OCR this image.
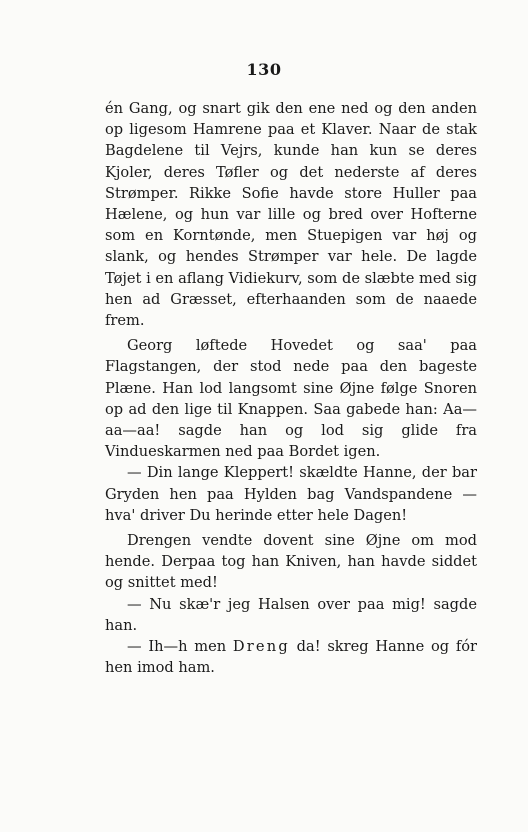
130

én Gang, og snart gik den ene ned og den anden op ligesom Hamrene paa et Klaver. Naar de stak Bagdelene til Vejrs, kunde han kun se deres Kjoler, deres Tøfler og det nederste af deres Strømper. Rikke Sofie havde store Huller paa Hælene, og hun var lille og bred over Hofterne som en Korntønde, men Stuepigen var høj og slank, og hendes Strømper var hele. De lagde Tøjet i en aflang Vidiekurv, som de slæbte med sig hen ad Græsset, efterhaanden som de naaede frem.

Georg løftede Hovedet og saa' paa Flagstangen, der stod nede paa den bageste Plæne. Han lod langsomt sine Øjne følge Snoren op ad den lige til Knappen. Saa gabede han: Aa—aa—aa! sagde han og lod sig glide fra Vindueskarmen ned paa Bordet igen.

— Din lange Kleppert! skældte Hanne, der bar Gryden hen paa Hylden bag Vandspandene — hva' driver Du herinde etter hele Dagen!

Drengen vendte dovent sine Øjne om mod hende. Derpaa tog han Kniven, han havde siddet og snittet med!

— Nu skæ'r jeg Halsen over paa mig! sagde han.

— Ih—h men Dreng da! skreg Hanne og fór hen imod ham.
